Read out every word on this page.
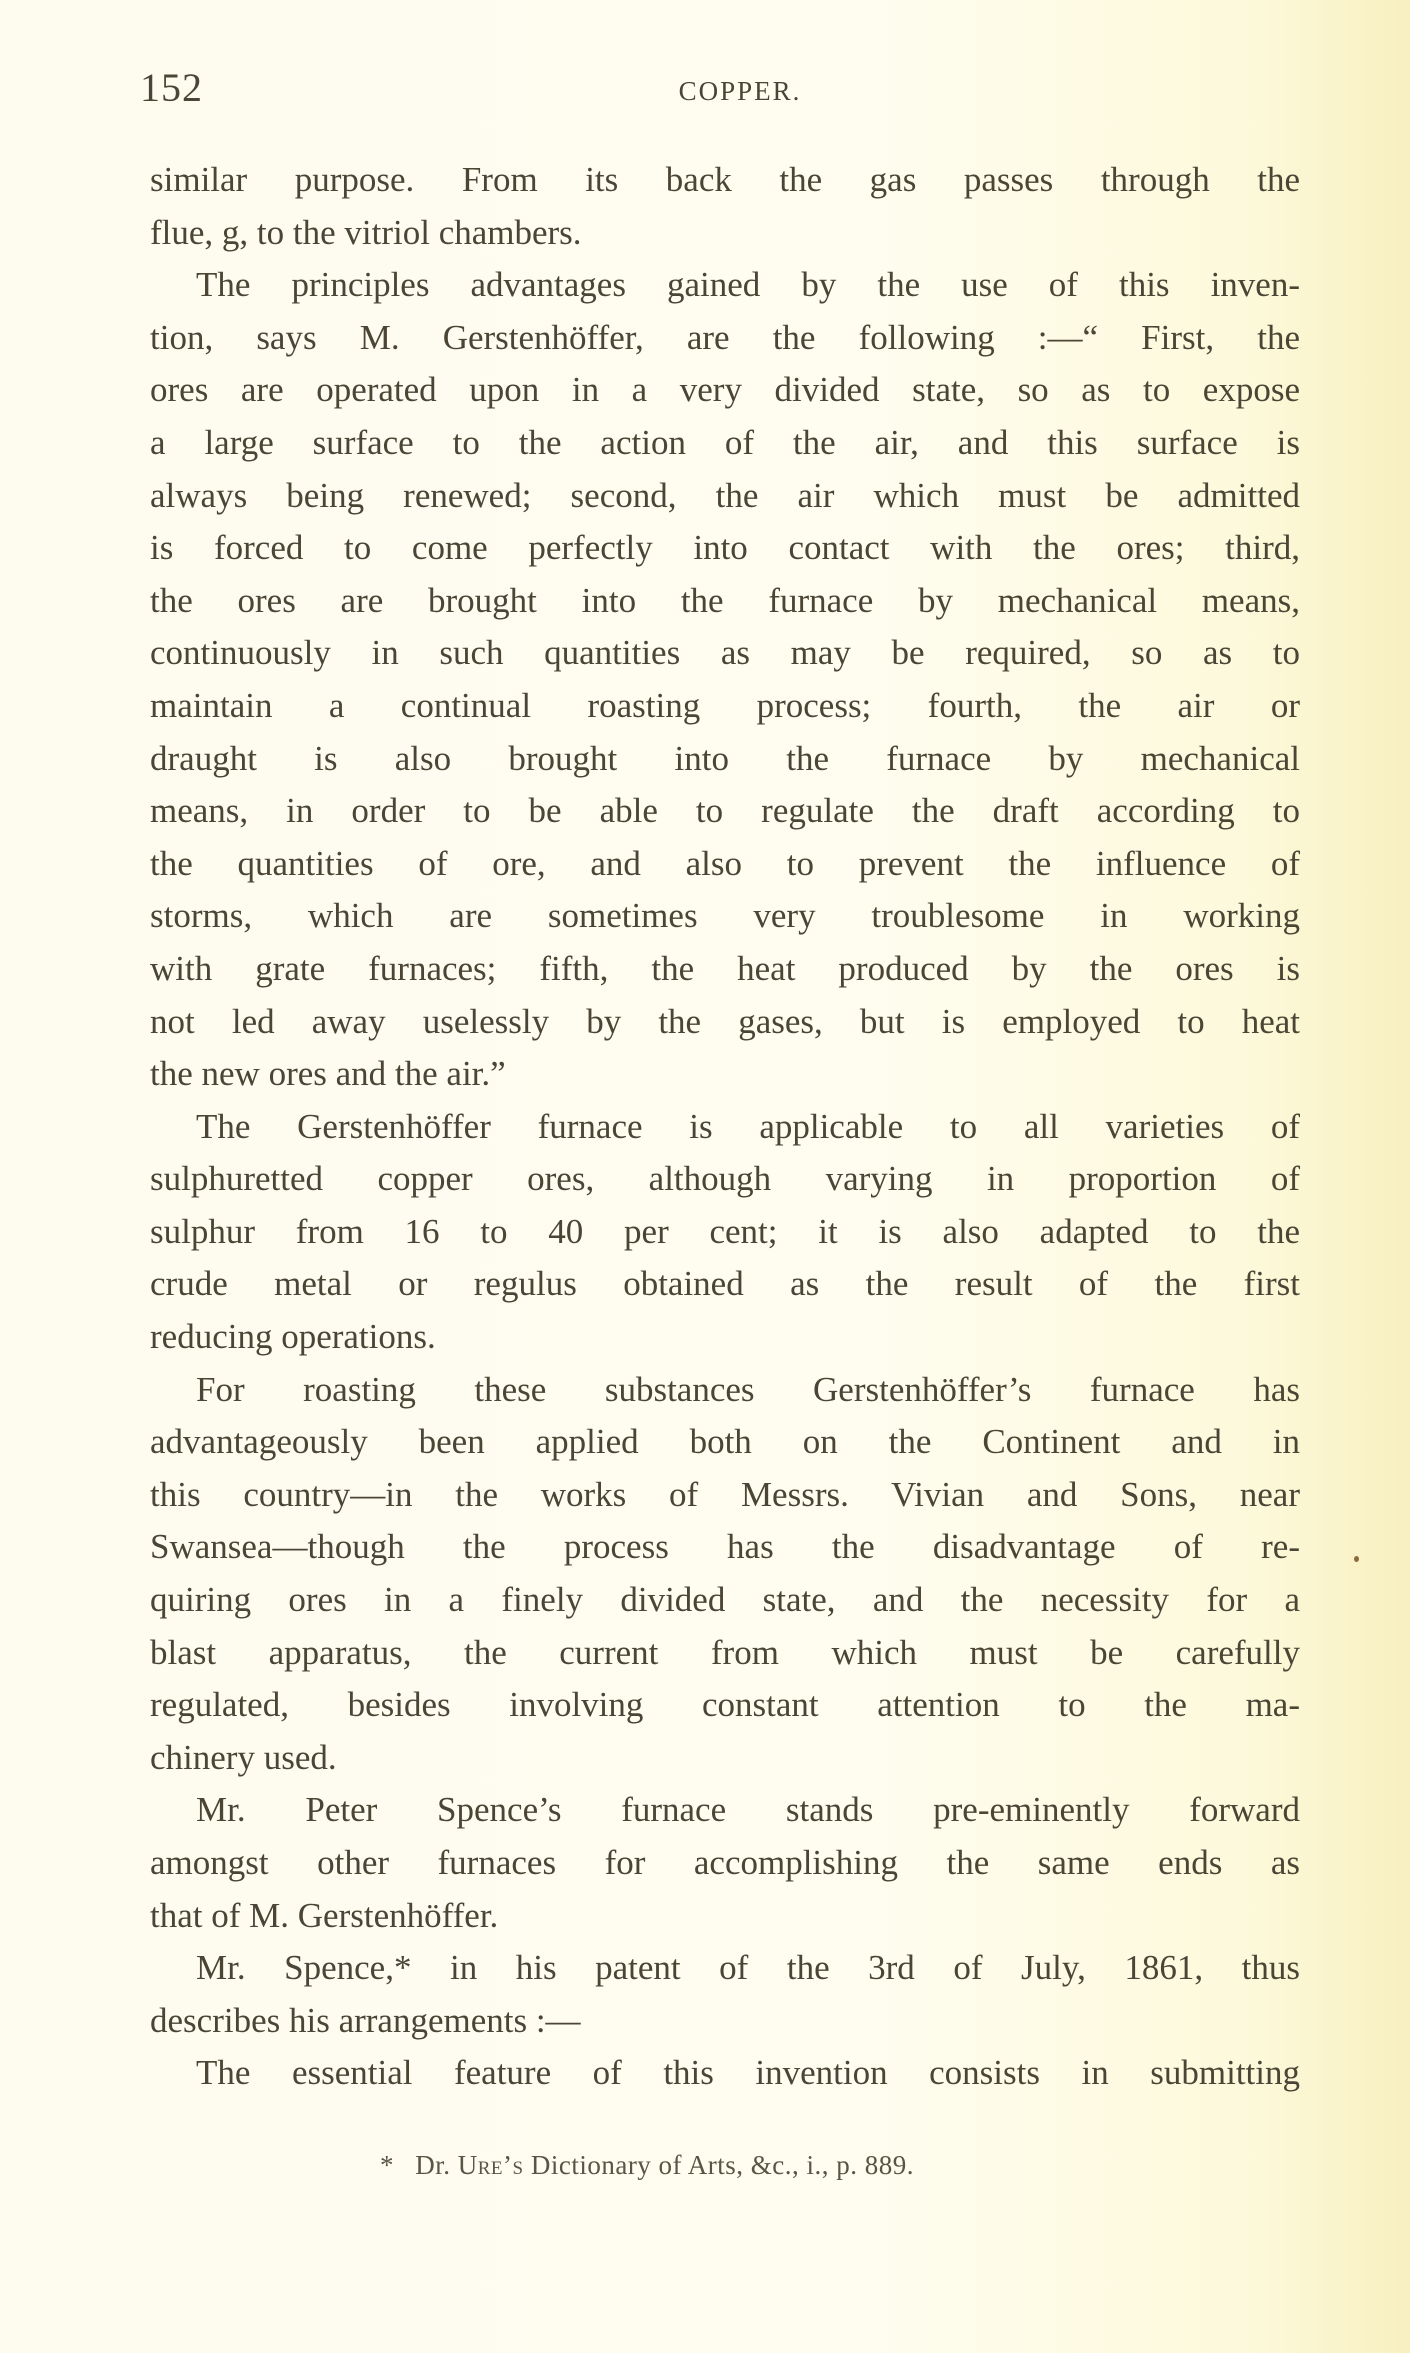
152	COPPER.
similar purpose. From its back the gas passes through the
flue, g, to the vitriol chambers.
The principles advantages gained by the use of this inven-
tion, says M. Gerstenhöffer, are the following :—“ First, the
ores are operated upon in a very divided state, so as to expose
a large surface to the action of the air, and this surface is
always being renewed; second, the air which must be admitted
is forced to come perfectly into contact with the ores; third,
the ores are brought into the furnace by mechanical means,
continuously in such quantities as may be required, so as to
maintain a continual roasting process; fourth, the air or
draught is also brought into the furnace by mechanical
means, in order to be able to regulate the draft according to
the quantities of ore, and also to prevent the influence of
storms, which are sometimes very troublesome in working
with grate furnaces; fifth, the heat produced by the ores is
not led away uselessly by the gases, but is employed to heat
the new ores and the air.”
The Gerstenhöffer furnace is applicable to all varieties of
sulphuretted copper ores, although varying in proportion of
sulphur from 16 to 40 per cent; it is also adapted to the
crude metal or regulus obtained as the result of the first
reducing operations.
For roasting these substances Gerstenhöffer’s furnace has
advantageously been applied both on the Continent and in
this country—in the works of Messrs. Vivian and Sons, near
Swansea—though the process has the disadvantage of re-
quiring ores in a finely divided state, and the necessity for a
blast apparatus, the current from which must be carefully
regulated, besides involving constant attention to the ma-
chinery used.
Mr. Peter Spence’s furnace stands pre-eminently forward
amongst other furnaces for accomplishing the same ends as
that of M. Gerstenhöffer.
Mr. Spence,* in his patent of the 3rd of July, 1861, thus
describes his arrangements :—
The essential feature of this invention consists in submitting
* Dr. Ure’s Dictionary of Arts, &c., i., p. 889.
